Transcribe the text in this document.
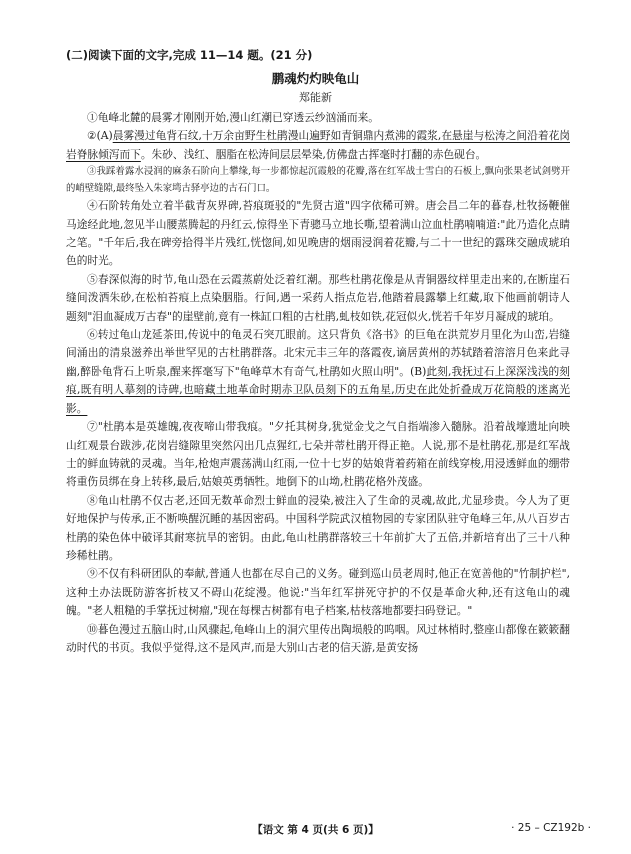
(二)阅读下面的文字,完成 11—14 题。(21 分)
鹏魂灼灼映龟山
郑能新

①龟峰北麓的晨雾才刚刚开始,漫山红潮已穿透云纱汹涌而来。

②(A)晨雾漫过龟背石纹,十万余亩野生杜鹃漫山遍野如青铜鼎内煮沸的霞浆,在悬崖与松涛之间沿着花岗岩脊脉倾泻而下。朱砂、浅红、胭脂在松涛间层层晕染,仿佛盘古挥毫时打翻的赤色砚台。

③我踩着露水浸润的麻条石阶向上攀缘,每一步都惊起沉霞般的花瓣,落在红军战士雪白的石板上,飘向张果老试剑劈开的峭壁缝隙,最终坠入朱家塆古驿亭边的古石门口。

④石阶转角处立着半截青灰界碑,苔痕斑驳的"先贤古道"四字依稀可辨。唐会昌二年的暮春,杜牧扬鞭催马途经此地,忽见半山腰蒸腾起的丹红云,惊得坐下青骢马立地长嘶,望着满山泣血杜鹃喃喃道:"此乃造化点睛之笔。"千年后,我在碑旁拾得半片残红,恍惚间,如见晚唐的烟雨浸润着花瓣,与二十一世纪的露珠交融成琥珀色的时光。

⑤春深似海的时节,龟山恐在云霞蒸蔚处泛着红潮。那些杜鹃花像是从青铜器纹样里走出来的,在断崖石缝间泼洒朱砂,在松柏苔痕上点染胭脂。行间,遇一采药人指点危岩,他踏着晨露攀上红藏,取下他画前朝诗人题刻"泪血凝成万古春"的崖壁前,竟有一株缸口粗的古杜鹃,虬枝如铁,花冠似火,恍若千年岁月凝成的琥珀。

⑥转过龟山龙延茶田,传说中的龟灵石突兀眼前。这只背负《洛书》的巨龟在洪荒岁月里化为山峦,岩缝间涌出的清泉滋养出举世罕见的古杜鹃群落。北宋元丰三年的落霞夜,谪居黄州的苏轼踏着溶溶月色来此寻幽,醉卧龟背石上听泉,醒来挥毫写下"龟峰草木有奇气,杜鹃如火照山明"。(B)此刻,我抚过石上深深浅浅的刻痕,既有明人摹刻的诗碑,也暗藏土地革命时期赤卫队员刻下的五角星,历史在此处折叠成万花筒般的迷离光影。

⑦"杜鹃本是英雄魄,夜夜啼山带我痕。"夕托其树身,犹觉金戈之气自指端渗入髓脉。沿着战壕遗址向映山红观景台跋涉,花岗岩缝隙里突然闪出几点猩红,七朵并蒂杜鹃开得正艳。人说,那不是杜鹃花,那是红军战士的鲜血铸就的灵魂。当年,枪炮声震荡满山红雨,一位十七岁的姑娘背着药箱在前线穿梭,用浸透鲜血的绷带将重伤员绑在身上转移,最后,姑娘英勇牺牲。地倒下的山坳,杜鹃花格外茂盛。

⑧龟山杜鹃不仅古老,还回无数革命烈士鲜血的浸染,被注入了生命的灵魂,故此,尤显珍贵。今人为了更好地保护与传承,正不断唤醒沉睡的基因密码。中国科学院武汉植物园的专家团队驻守龟峰三年,从八百岁古杜鹃的染色体中破译其耐寒抗旱的密钥。由此,龟山杜鹃群落较三十年前扩大了五倍,并新培育出了三十八种珍稀杜鹃。

⑨不仅有科研团队的奉献,普通人也都在尽自己的义务。碰到巡山员老周时,他正在宽善他的"竹制护栏",这种土办法既防游客折枝又不碍山花绽漫。他说:"当年红军拼死守护的不仅是革命火种,还有这龟山的魂魄。"老人粗糙的手掌抚过树瘤,"现在每棵古树都有电子档案,枯枝落地都要扫码登记。"

⑩暮色漫过五脑山时,山风骤起,龟峰山上的洞穴里传出陶埙般的呜咽。风过林梢时,整座山都像在簌簌翻动时代的书页。我似乎觉得,这不是风声,而是大别山古老的信天游,是黄安扬

【语文 第 4 页(共 6 页)】	· 25 – CZ192b ·
